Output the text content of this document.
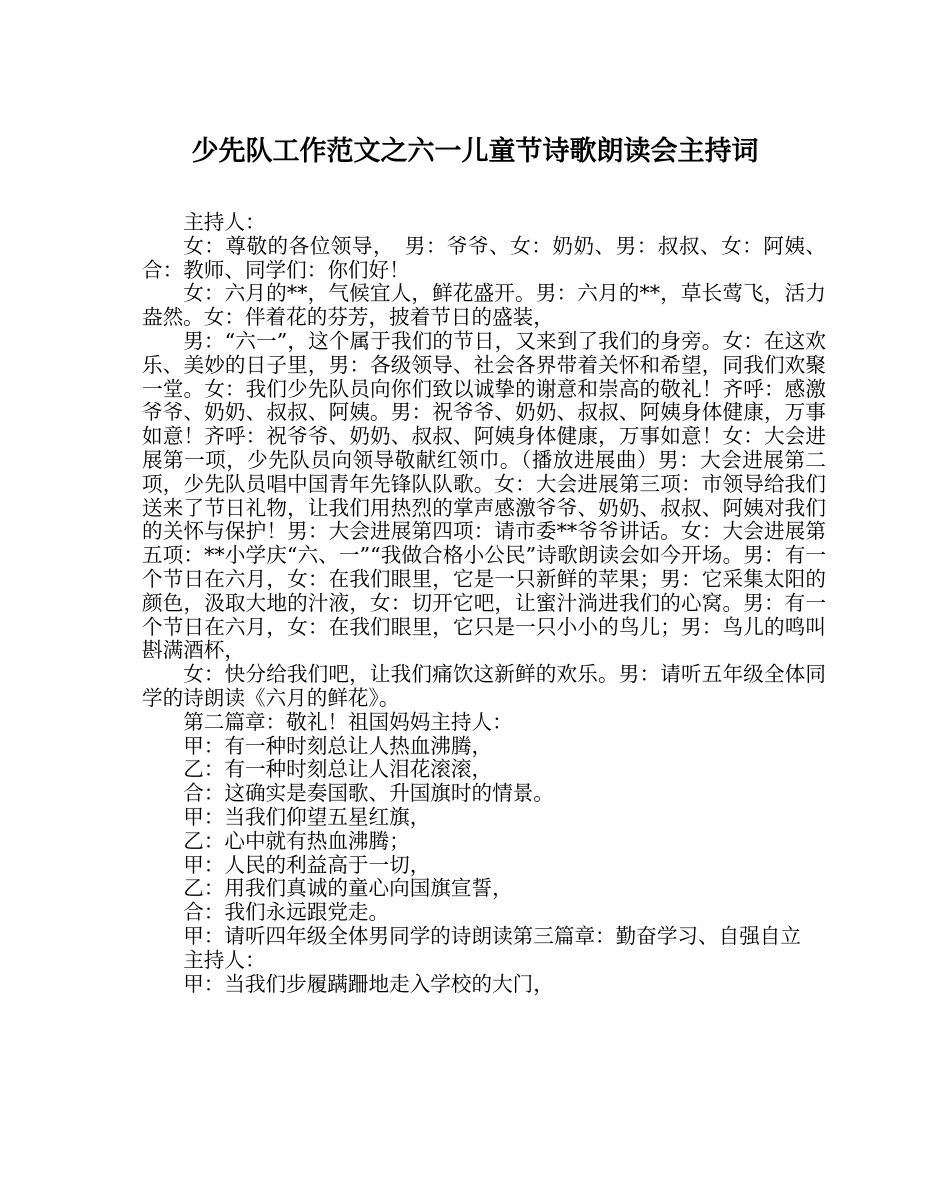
少先队工作范文之六一儿童节诗歌朗读会主持词

主持人：

女：尊敬的各位领导，　男：爷爷、女：奶奶、男：叔叔、女：阿姨、合：教师、同学们：你们好！

女：六月的**，气候宜人，鲜花盛开。男：六月的**，草长莺飞，活力盎然。女：伴着花的芬芳，披着节日的盛装，

男：“六一”，这个属于我们的节日，又来到了我们的身旁。女：在这欢乐、美妙的日子里，男：各级领导、社会各界带着关怀和希望，同我们欢聚一堂。女：我们少先队员向你们致以诚挚的谢意和崇高的敬礼！齐呼：感激爷爷、奶奶、叔叔、阿姨。男：祝爷爷、奶奶、叔叔、阿姨身体健康，万事如意！齐呼：祝爷爷、奶奶、叔叔、阿姨身体健康，万事如意！女：大会进展第一项，少先队员向领导敬献红领巾。（播放进展曲）男：大会进展第二项，少先队员唱中国青年先锋队队歌。女：大会进展第三项：市领导给我们送来了节日礼物，让我们用热烈的掌声感激爷爷、奶奶、叔叔、阿姨对我们的关怀与保护！男：大会进展第四项：请市委**爷爷讲话。女：大会进展第五项：**小学庆“六、一”“我做合格小公民”诗歌朗读会如今开场。男：有一个节日在六月，女：在我们眼里，它是一只新鲜的苹果；男：它采集太阳的颜色，汲取大地的汁液，女：切开它吧，让蜜汁淌进我们的心窝。男：有一个节日在六月，女：在我们眼里，它只是一只小小的鸟儿；男：鸟儿的鸣叫斟满酒杯，

女：快分给我们吧，让我们痛饮这新鲜的欢乐。男：请听五年级全体同学的诗朗读《六月的鲜花》。

第二篇章：敬礼！祖国妈妈主持人：

甲：有一种时刻总让人热血沸腾，

乙：有一种时刻总让人泪花滚滚，

合：这确实是奏国歌、升国旗时的情景。

甲：当我们仰望五星红旗，

乙：心中就有热血沸腾；

甲：人民的利益高于一切，

乙：用我们真诚的童心向国旗宣誓，

合：我们永远跟党走。

甲：请听四年级全体男同学的诗朗读第三篇章：勤奋学习、自强自立

主持人：

甲：当我们步履蹒跚地走入学校的大门，
